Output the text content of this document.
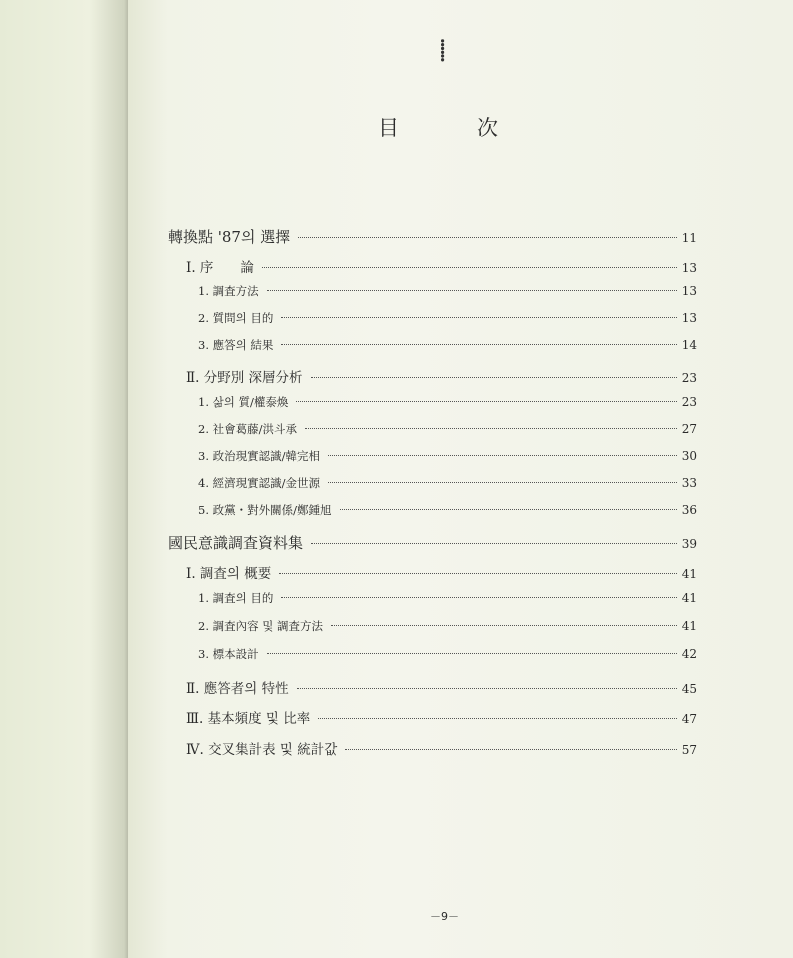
⸽
目	次
轉換點 '87의 選擇	11
Ⅰ. 序　　論	13
1. 調査方法	13
2. 質問의 目的	13
3. 應答의 結果	14
Ⅱ. 分野別 深層分析	23
1. 삶의 質/權泰煥	23
2. 社會葛藤/洪斗承	27
3. 政治現實認識/韓完相	30
4. 經濟現實認識/金世源	33
5. 政黨・對外關係/鄭鍾旭	36
國民意識調査資料集	39
Ⅰ. 調査의 概要	41
1. 調査의 目的	41
2. 調査內容 및 調査方法	41
3. 標本設計	42
Ⅱ. 應答者의 特性	45
Ⅲ. 基本頻度 및 比率	47
Ⅳ. 交叉集計表 및 統計값	57
－9－
